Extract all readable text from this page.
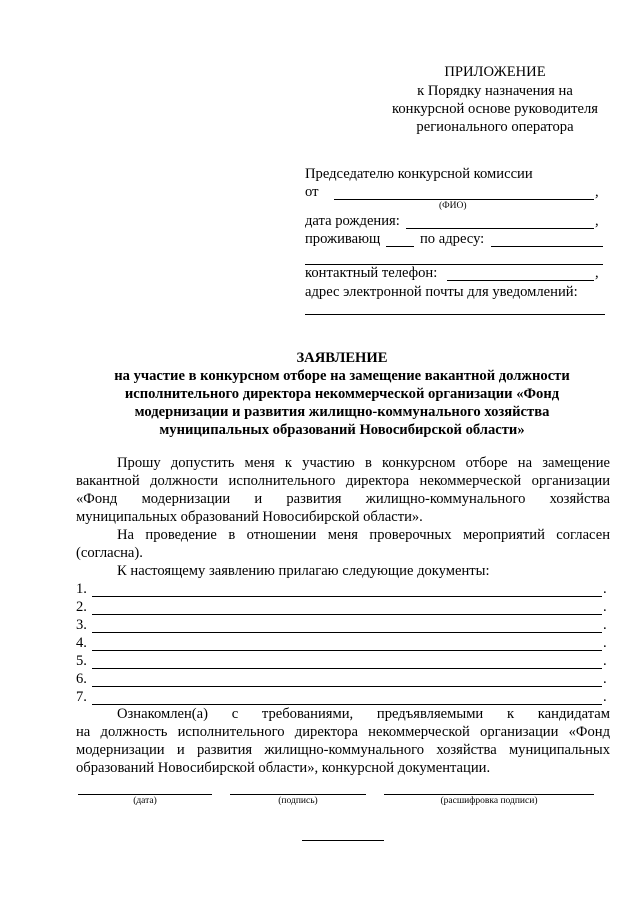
ПРИЛОЖЕНИЕ
к Порядку назначения на
конкурсной основе руководителя
регионального оператора
Председателю конкурсной комиссии
от	,
(ФИО)
дата рождения:	,
проживающ	по адресу:
контактный телефон:	,
адрес электронной почты для уведомлений:
ЗАЯВЛЕНИЕ
на участие в конкурсном отборе на замещение вакантной должности
исполнительного директора некоммерческой организации «Фонд
модернизации и развития жилищно-коммунального хозяйства
муниципальных образований Новосибирской области»
Прошу допустить меня к участию в конкурсном отборе на замещение
вакантной должности исполнительного директора некоммерческой организации
«Фонд модернизации и развития жилищно-коммунального хозяйства
муниципальных образований Новосибирской области».
На проведение в отношении меня проверочных мероприятий согласен
(согласна).
К настоящему заявлению прилагаю следующие документы:
1.	.
2.	.
3.	.
4.	.
5.	.
6.	.
7.	.
Ознакомлен(а) с требованиями, предъявляемыми к кандидатам
на должность исполнительного директора некоммерческой организации «Фонд
модернизации и развития жилищно-коммунального хозяйства муниципальных
образований Новосибирской области», конкурсной документации.
(дата)	(подпись)	(расшифровка подписи)
